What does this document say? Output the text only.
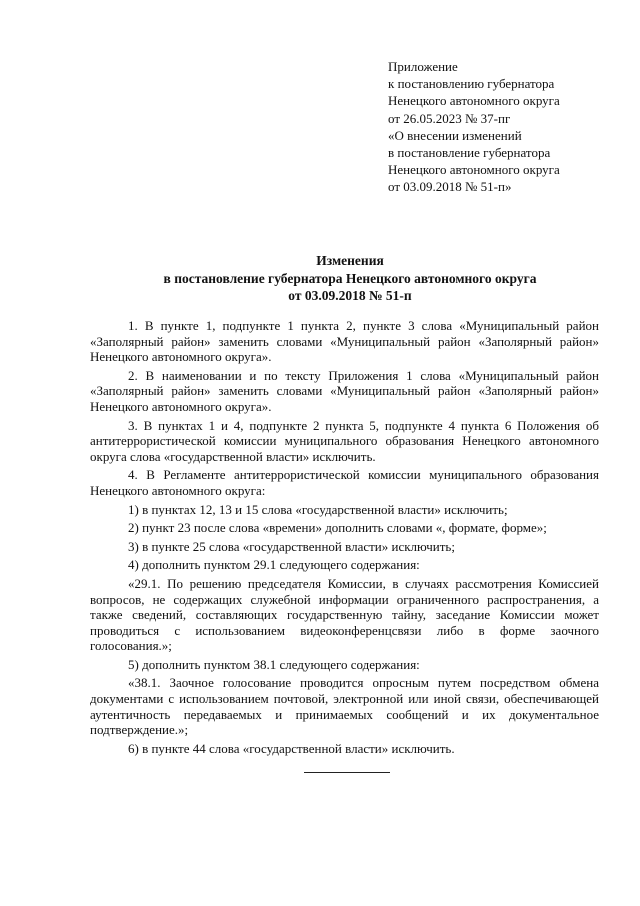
Приложение
к постановлению губернатора
Ненецкого автономного округа
от 26.05.2023 № 37-пг
«О внесении изменений
в постановление губернатора
Ненецкого автономного округа
от 03.09.2018 № 51-п»
Изменения
в постановление губернатора Ненецкого автономного округа
от 03.09.2018 № 51-п

1. В пункте 1, подпункте 1 пункта 2, пункте 3 слова «Муниципальный район «Заполярный район» заменить словами «Муниципальный район «Заполярный район» Ненецкого автономного округа».

2. В наименовании и по тексту Приложения 1 слова «Муниципальный район «Заполярный район» заменить словами «Муниципальный район «Заполярный район» Ненецкого автономного округа».

3. В пунктах 1 и 4, подпункте 2 пункта 5, подпункте 4 пункта 6 Положения об антитеррористической комиссии муниципального образования Ненецкого автономного округа слова «государственной власти» исключить.

4. В Регламенте антитеррористической комиссии муниципального образования Ненецкого автономного округа:

1) в пунктах 12, 13 и 15 слова «государственной власти» исключить;

2) пункт 23 после слова «времени» дополнить словами «, формате, форме»;

3) в пункте 25 слова «государственной власти» исключить;

4) дополнить пунктом 29.1 следующего содержания:

«29.1. По решению председателя Комиссии, в случаях рассмотрения Комиссией вопросов, не содержащих служебной информации ограниченного распространения, а также сведений, составляющих государственную тайну, заседание Комиссии может проводиться с использованием видеоконференцсвязи либо в форме заочного голосования.»;

5) дополнить пунктом 38.1 следующего содержания:

«38.1. Заочное голосование проводится опросным путем посредством обмена документами с использованием почтовой, электронной или иной связи, обеспечивающей аутентичность передаваемых и принимаемых сообщений и их документальное подтверждение.»;

6) в пункте 44 слова «государственной власти» исключить.
